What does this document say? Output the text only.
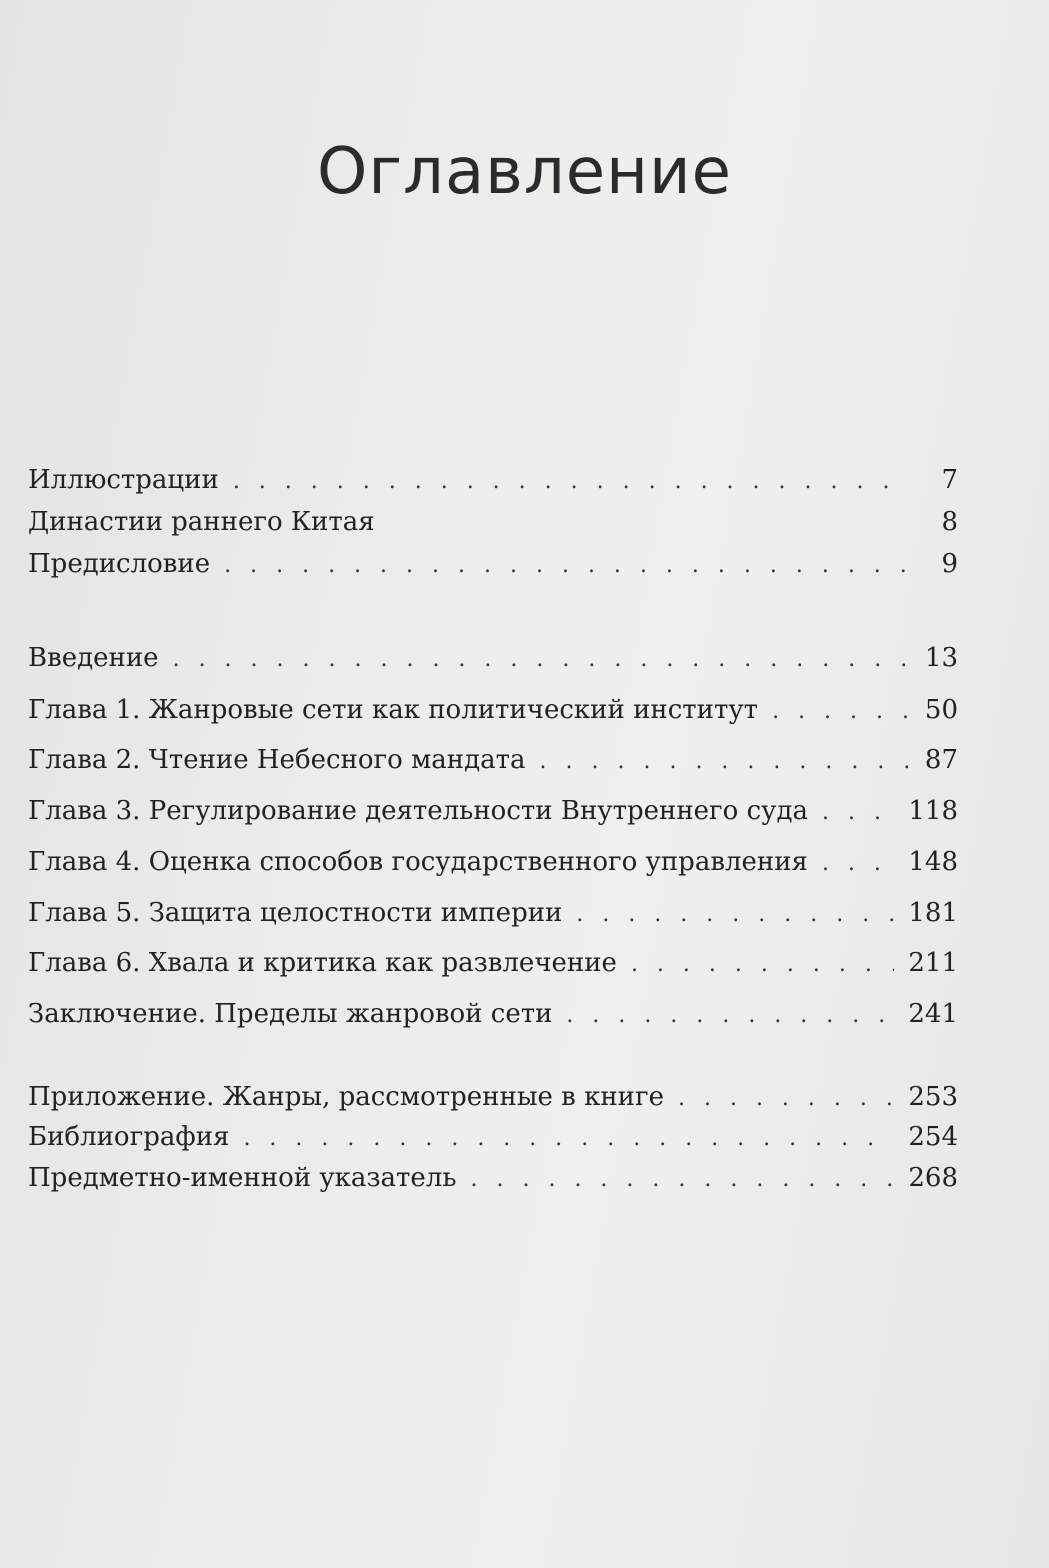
Оглавление
Иллюстрации . . .	7
Династии раннего Китая	8
Предисловие . . .	9
Введение . . .	13
Глава 1. Жанровые сети как политический институт . . .	50
Глава 2. Чтение Небесного мандата . . .	87
Глава 3. Регулирование деятельности Внутреннего суда . . .	118
Глава 4. Оценка способов государственного управления . . .	148
Глава 5. Защита целостности империи . . .	181
Глава 6. Хвала и критика как развлечение . . .	211
Заключение. Пределы жанровой сети . . .	241
Приложение. Жанры, рассмотренные в книге . . .	253
Библиография . . .	254
Предметно-именной указатель . . .	268
